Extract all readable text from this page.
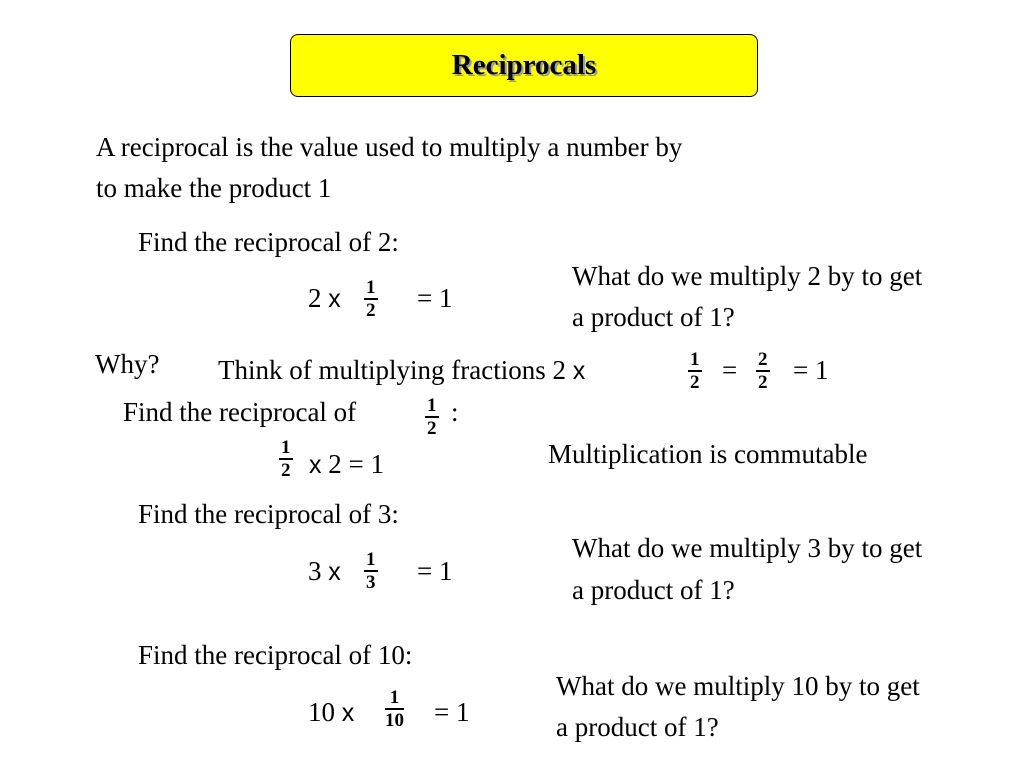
Reciprocals
A reciprocal is the value used to multiply a number by
to make the product 1
Find the reciprocal of 2:
2 x $\frac{1}{2} = 1$
What do we multiply 2 by to get
a product of 1?
Why? Think of multiplying fractions 2 x	$\frac{1}{2} = \frac{2}{2} = 1$
Find the reciprocal of	$\frac{1}{2}$ :
$\frac{1}{2}$ x 2 = 1	Multiplication is commutable
Find the reciprocal of 3:
3 x $\frac{1}{3} = 1$
What do we multiply 3 by to get
a product of 1?
Find the reciprocal of 10:
10 x $\frac{1}{10} = 1$
What do we multiply 10 by to get
a product of 1?
